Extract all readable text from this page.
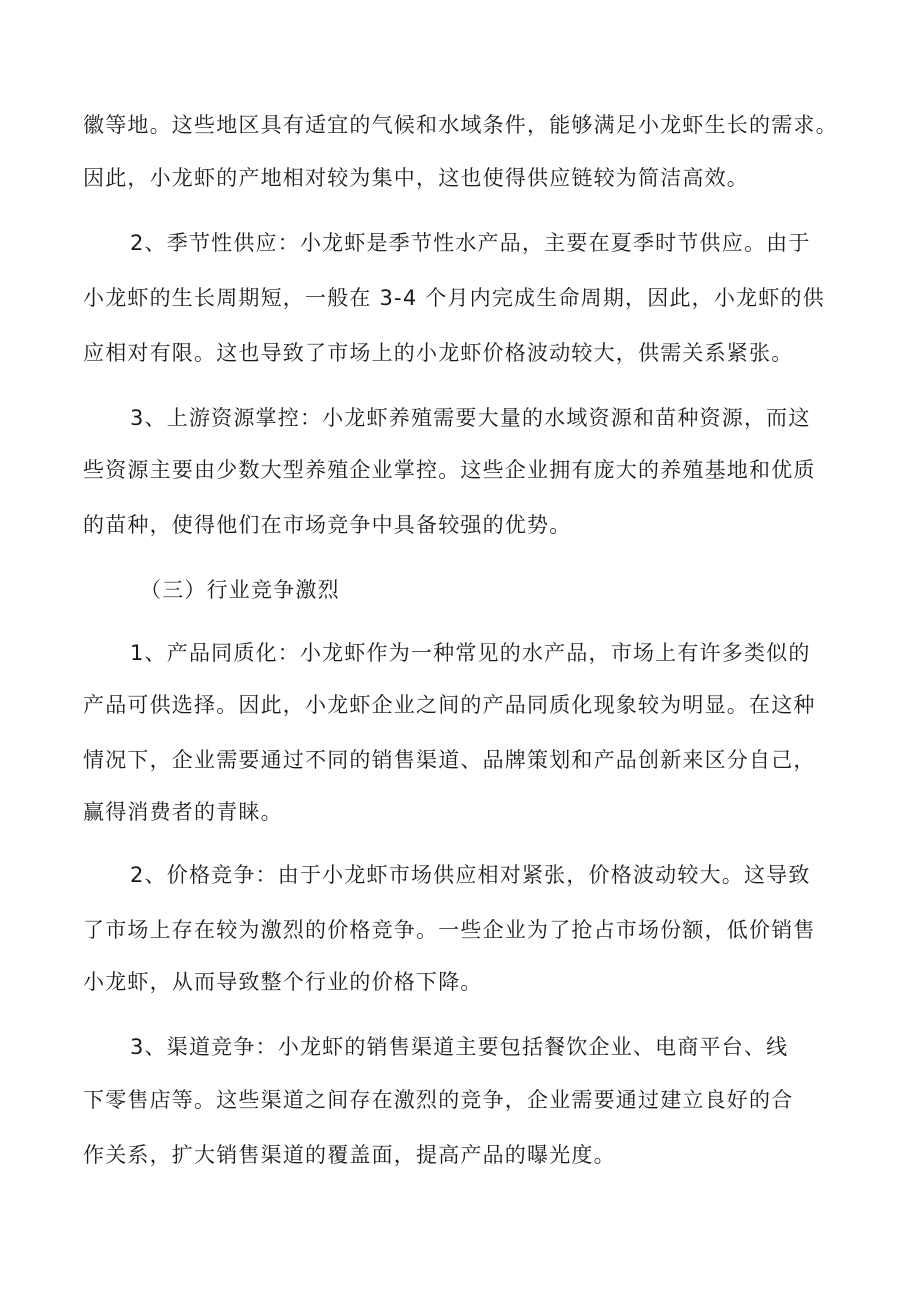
徽等地。这些地区具有适宜的气候和水域条件，能够满足小龙虾生长的需求。
因此，小龙虾的产地相对较为集中，这也使得供应链较为简洁高效。
2、季节性供应：小龙虾是季节性水产品，主要在夏季时节供应。由于
小龙虾的生长周期短，一般在 3-4 个月内完成生命周期，因此，小龙虾的供
应相对有限。这也导致了市场上的小龙虾价格波动较大，供需关系紧张。
3、上游资源掌控：小龙虾养殖需要大量的水域资源和苗种资源，而这
些资源主要由少数大型养殖企业掌控。这些企业拥有庞大的养殖基地和优质
的苗种，使得他们在市场竞争中具备较强的优势。
（三）行业竞争激烈
1、产品同质化：小龙虾作为一种常见的水产品，市场上有许多类似的
产品可供选择。因此，小龙虾企业之间的产品同质化现象较为明显。在这种
情况下，企业需要通过不同的销售渠道、品牌策划和产品创新来区分自己，
赢得消费者的青睐。
2、价格竞争：由于小龙虾市场供应相对紧张，价格波动较大。这导致
了市场上存在较为激烈的价格竞争。一些企业为了抢占市场份额，低价销售
小龙虾，从而导致整个行业的价格下降。
3、渠道竞争：小龙虾的销售渠道主要包括餐饮企业、电商平台、线
下零售店等。这些渠道之间存在激烈的竞争，企业需要通过建立良好的合
作关系，扩大销售渠道的覆盖面，提高产品的曝光度。
